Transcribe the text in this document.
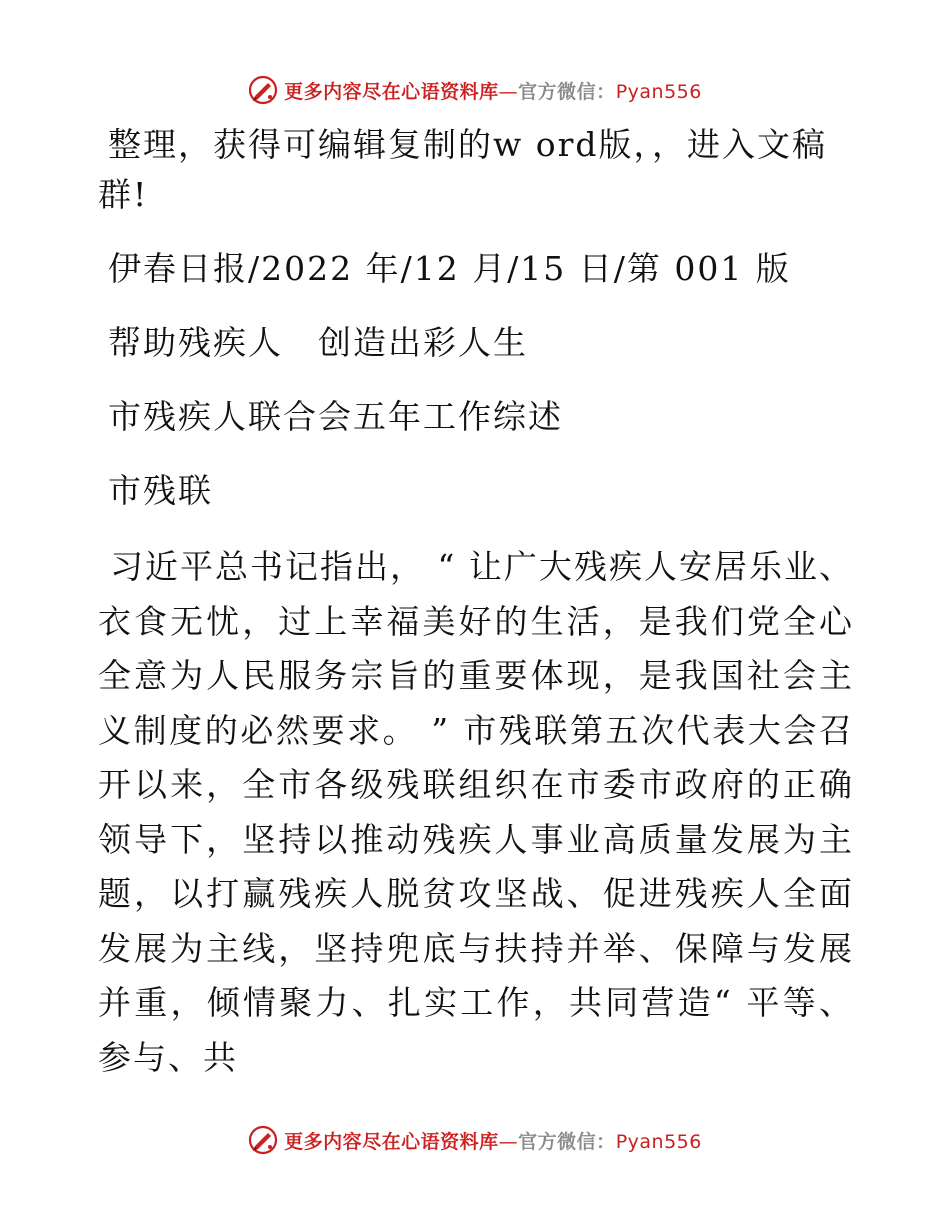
更多内容尽在心语资料库—官方微信：Pyan556

整理，获得可编辑复制的w ord版，，进入文稿群!

伊春日报/2022 年/12 月/15 日/第 001 版

帮助残疾人　创造出彩人生

市残疾人联合会五年工作综述

市残联

习近平总书记指出， “ 让广大残疾人安居乐业、衣食无忧，过上幸福美好的生活，是我们党全心全意为人民服务宗旨的重要体现，是我国社会主义制度的必然要求。 ” 市残联第五次代表大会召开以来，全市各级残联组织在市委市政府的正确领导下，坚持以推动残疾人事业高质量发展为主题，以打赢残疾人脱贫攻坚战、促进残疾人全面发展为主线，坚持兜底与扶持并举、保障与发展并重，倾情聚力、扎实工作，共同营造“ 平等、参与、共

更多内容尽在心语资料库—官方微信：Pyan556
